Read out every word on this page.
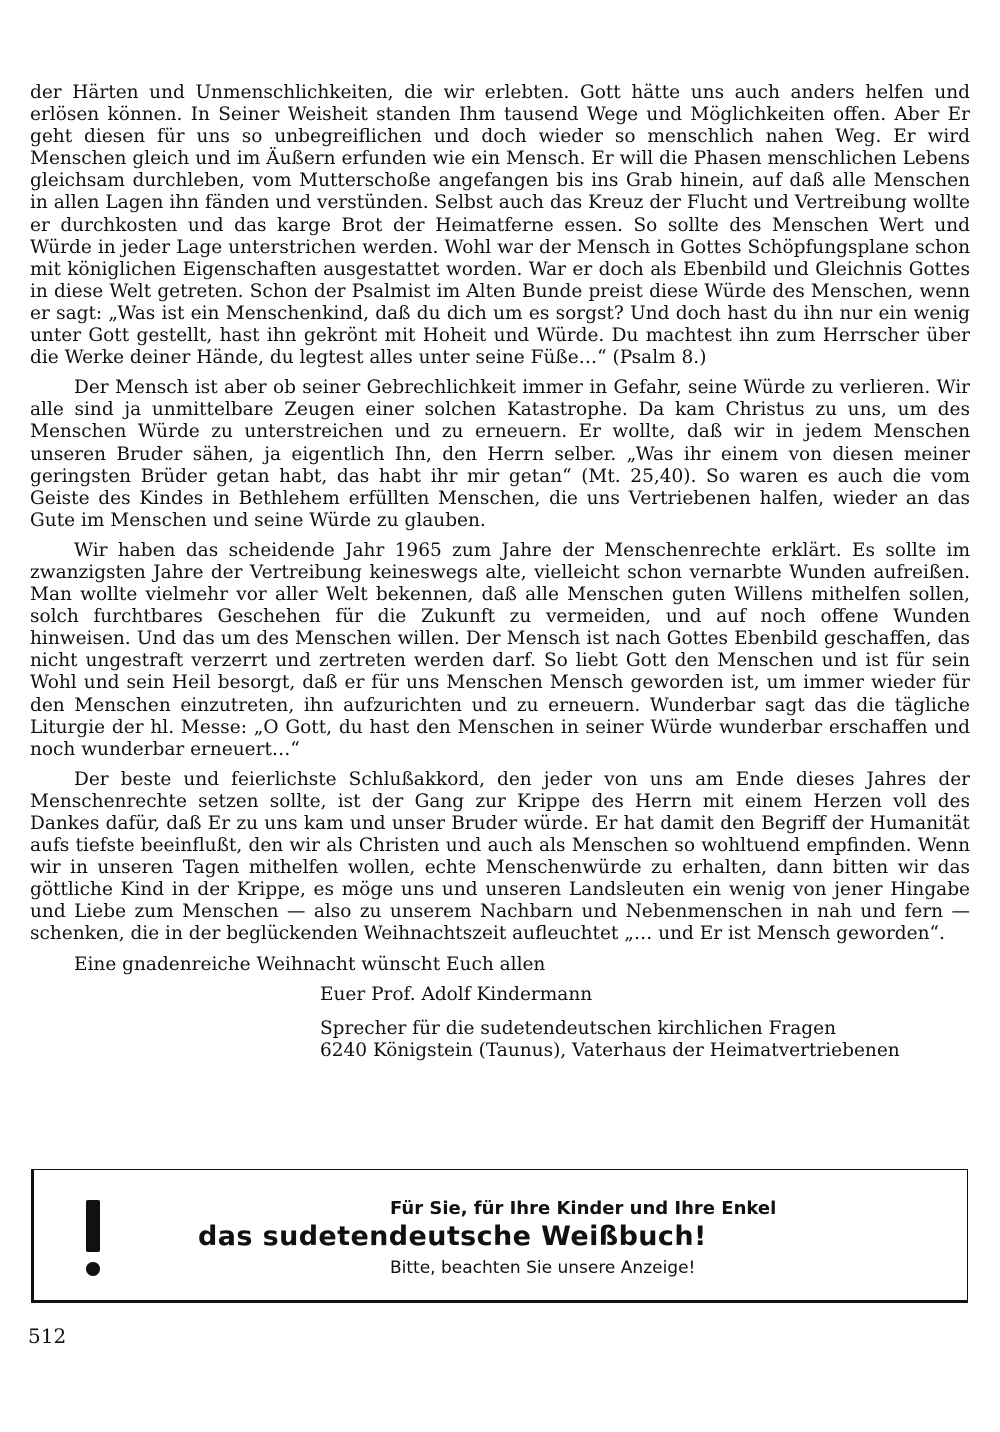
der Härten und Unmenschlichkeiten, die wir erlebten. Gott hätte uns auch anders helfen und erlösen können. In Seiner Weisheit standen Ihm tausend Wege und Möglichkeiten offen. Aber Er geht diesen für uns so unbegreiflichen und doch wieder so menschlich nahen Weg. Er wird Menschen gleich und im Äußern erfunden wie ein Mensch. Er will die Phasen menschlichen Lebens gleichsam durchleben, vom Mutterschoße angefangen bis ins Grab hinein, auf daß alle Menschen in allen Lagen ihn fänden und verstünden. Selbst auch das Kreuz der Flucht und Vertreibung wollte er durchkosten und das karge Brot der Heimatferne essen. So sollte des Menschen Wert und Würde in jeder Lage unterstrichen werden. Wohl war der Mensch in Gottes Schöpfungsplane schon mit königlichen Eigenschaften ausgestattet worden. War er doch als Ebenbild und Gleichnis Gottes in diese Welt getreten. Schon der Psalmist im Alten Bunde preist diese Würde des Menschen, wenn er sagt: „Was ist ein Menschenkind, daß du dich um es sorgst? Und doch hast du ihn nur ein wenig unter Gott gestellt, hast ihn gekrönt mit Hoheit und Würde. Du machtest ihn zum Herrscher über die Werke deiner Hände, du legtest alles unter seine Füße…“ (Psalm 8.)

Der Mensch ist aber ob seiner Gebrechlichkeit immer in Gefahr, seine Würde zu verlieren. Wir alle sind ja unmittelbare Zeugen einer solchen Katastrophe. Da kam Christus zu uns, um des Menschen Würde zu unterstreichen und zu erneuern. Er wollte, daß wir in jedem Menschen unseren Bruder sähen, ja eigentlich Ihn, den Herrn selber. „Was ihr einem von diesen meiner geringsten Brüder getan habt, das habt ihr mir getan“ (Mt. 25,40). So waren es auch die vom Geiste des Kindes in Bethlehem erfüllten Menschen, die uns Vertriebenen halfen, wieder an das Gute im Menschen und seine Würde zu glauben.

Wir haben das scheidende Jahr 1965 zum Jahre der Menschenrechte erklärt. Es sollte im zwanzigsten Jahre der Vertreibung keineswegs alte, vielleicht schon vernarbte Wunden aufreißen. Man wollte vielmehr vor aller Welt bekennen, daß alle Menschen guten Willens mithelfen sollen, solch furchtbares Geschehen für die Zukunft zu vermeiden, und auf noch offene Wunden hinweisen. Und das um des Menschen willen. Der Mensch ist nach Gottes Ebenbild geschaffen, das nicht ungestraft verzerrt und zertreten werden darf. So liebt Gott den Menschen und ist für sein Wohl und sein Heil besorgt, daß er für uns Menschen Mensch geworden ist, um immer wieder für den Menschen einzutreten, ihn aufzurichten und zu erneuern. Wunderbar sagt das die tägliche Liturgie der hl. Messe: „O Gott, du hast den Menschen in seiner Würde wunderbar erschaffen und noch wunderbar erneuert…“

Der beste und feierlichste Schlußakkord, den jeder von uns am Ende dieses Jahres der Menschenrechte setzen sollte, ist der Gang zur Krippe des Herrn mit einem Herzen voll des Dankes dafür, daß Er zu uns kam und unser Bruder würde. Er hat damit den Begriff der Humanität aufs tiefste beeinflußt, den wir als Christen und auch als Menschen so wohltuend empfinden. Wenn wir in unseren Tagen mithelfen wollen, echte Menschenwürde zu erhalten, dann bitten wir das göttliche Kind in der Krippe, es möge uns und unseren Landsleuten ein wenig von jener Hingabe und Liebe zum Menschen — also zu unserem Nachbarn und Nebenmenschen in nah und fern — schenken, die in der beglückenden Weihnachtszeit aufleuchtet „… und Er ist Mensch geworden“.

Eine gnadenreiche Weihnacht wünscht Euch allen

Euer Prof. Adolf Kindermann
Sprecher für die sudetendeutschen kirchlichen Fragen
6240 Königstein (Taunus), Vaterhaus der Heimatvertriebenen
Für Sie, für Ihre Kinder und Ihre Enkel
das sudetendeutsche Weißbuch!
Bitte, beachten Sie unsere Anzeige!
512
